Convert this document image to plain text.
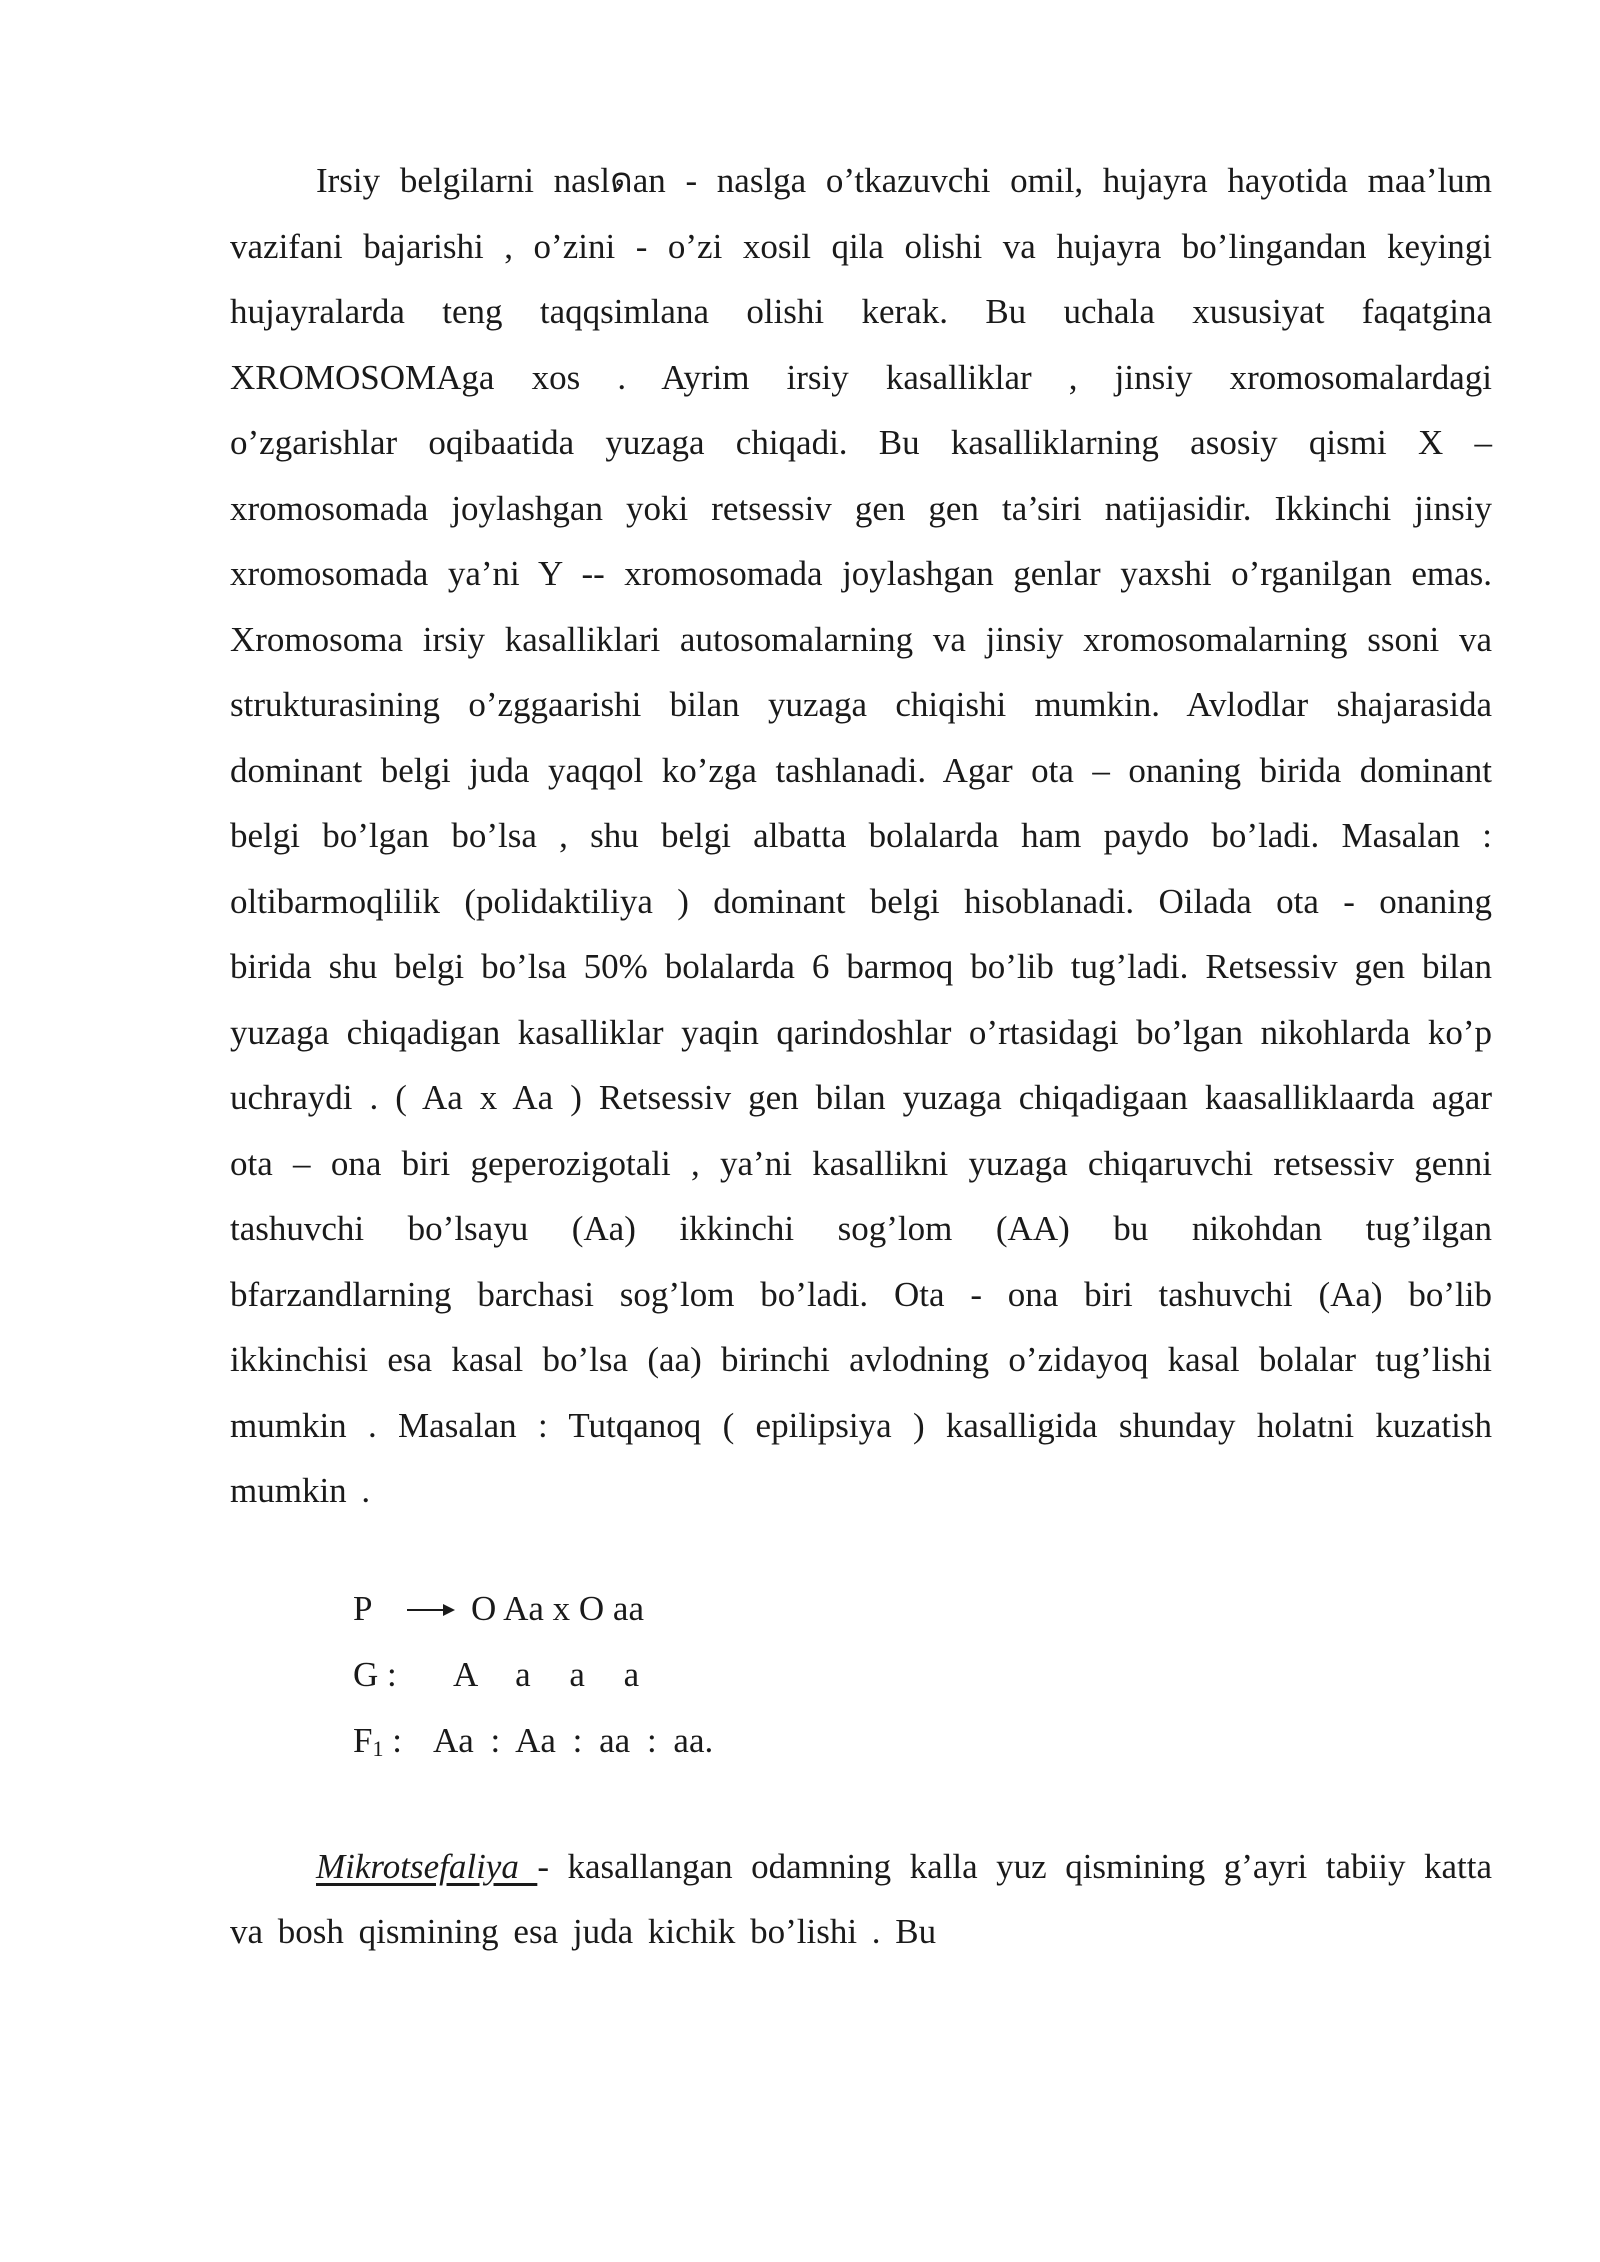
Irsiy belgilarni naslดan - naslga o’tkazuvchi omil, hujayra hayotida maa’lum vazifani bajarishi , o’zini - o’zi xosil qila olishi va hujayra bo’lingandan keyingi hujayralarda teng taqqsimlana olishi kerak. Bu uchala xususiyat faqatgina XROMOSOMAga xos . Ayrim irsiy kasalliklar , jinsiy xromosomalardagi o’zgarishlar oqibaatida yuzaga chiqadi. Bu kasalliklarning asosiy qismi X – xromosomada joylashgan yoki retsessiv gen gen ta’siri natijasidir. Ikkinchi jinsiy xromosomada ya’ni Y -- xromosomada joylashgan genlar yaxshi o’rganilgan emas. Xromosoma irsiy kasalliklari autosomalarning va jinsiy xromosomalarning ssoni va strukturasining o’zggaarishi bilan yuzaga chiqishi mumkin. Avlodlar shajarasida dominant belgi juda yaqqol ko’zga tashlanadi. Agar ota – onaning birida dominant belgi bo’lgan bo’lsa , shu belgi albatta bolalarda ham paydo bo’ladi. Masalan : oltibarmoqlilik (polidaktiliya ) dominant belgi hisoblanadi. Oilada ota - onaning birida shu belgi bo’lsa 50% bolalarda 6 barmoq bo’lib tug’ladi. Retsessiv gen bilan yuzaga chiqadigan kasalliklar yaqin qarindoshlar o’rtasidagi bo’lgan nikohlarda ko’p uchraydi . ( Aa x Aa ) Retsessiv gen bilan yuzaga chiqadigaan kaasalliklaarda agar ota – ona biri geperozigotali , ya’ni kasallikni yuzaga chiqaruvchi retsessiv genni tashuvchi bo’lsayu (Aa) ikkinchi sog’lom (AA) bu nikohdan tug’ilgan bfarzandlarning barchasi sog’lom bo’ladi. Ota - ona biri tashuvchi (Aa) bo’lib ikkinchisi esa kasal bo’lsa (aa) birinchi avlodning o’zidayoq kasal bolalar tug’lishi mumkin . Masalan : Tutqanoq ( epilipsiya ) kasalligida shunday holatni kuzatish mumkin .

P	O Aa x O aa
G :	A a a a
F1 : Aa : Aa : aa : aa.

Mikrotsefaliya - kasallangan odamning kalla yuz qismining g’ayri tabiiy katta va bosh qismining esa juda kichik bo’lishi . Bu
